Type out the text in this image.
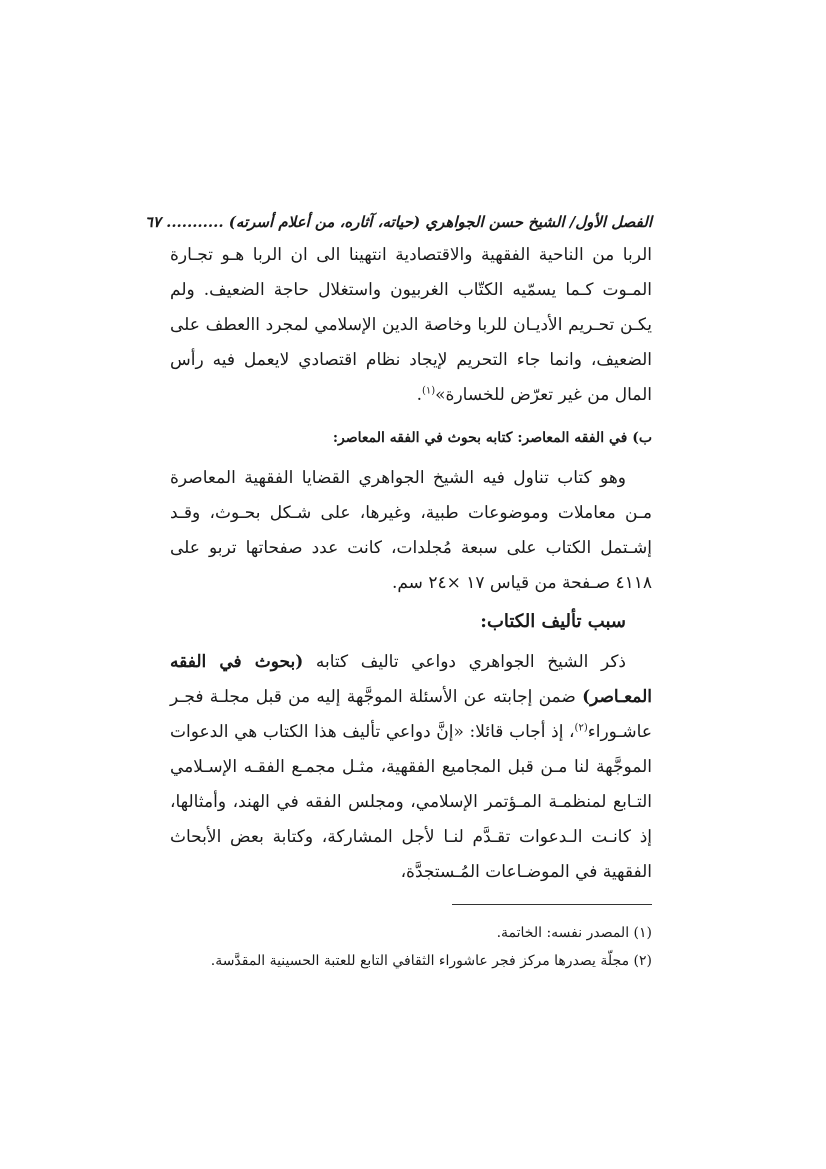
الفصل الأول/ الشيخ حسن الجواهري (حياته، آثاره، من أعلام أسرته) ........... ٦٧

الربا من الناحية الفقهية والاقتصادية انتهينا الى ان الربا هـو تجـارة المـوت كـما يسمّيه الكتّاب الغربيون واستغلال حاجة الضعيف. ولم يكـن تحـريم الأديـان للربا وخاصة الدين الإسلامي لمجرد االعطف على الضعيف، وانما جاء التحريم لإيجاد نظام اقتصادي لايعمل فيه رأس المال من غير تعرّض للخسارة»$^{(١)}$.

ب) في الفقه المعاصر: كتابه بحوث في الفقه المعاصر:

وهو كتاب تناول فيه الشيخ الجواهري القضايا الفقهية المعاصرة مـن معاملات وموضوعات طبية، وغيرها، على شـكل بحـوث، وقـد إشـتمل الكتاب على سبعة مُجلدات، كانت عدد صفحاتها تربو على ٤١١٨ صـفحة من قياس ١٧ ×٢٤ سم.

سبب تأليف الكتاب:

ذكر الشيخ الجواهري دواعي تاليف كتابه (بحوث في الفقه المعـاصر) ضمن إجابته عن الأسئلة الموجَّهة إليه من قبل مجلـة فجـر عاشـوراء$^{(٢)}$، إذ أجاب قائلا: «إنَّ دواعي تأليف هذا الكتاب هي الدعوات الموجَّهة لنا مـن قبل المجاميع الفقهية، مثـل مجمـع الفقـه الإسـلامي التـابع لمنظمـة المـؤتمر الإسلامي، ومجلس الفقه في الهند، وأمثالها، إذ كانـت الـدعوات تقـدَّم لنـا لأجل المشاركة، وكتابة بعض الأبحاث الفقهية في الموضـاعات المُـستجدَّة،

(١) المصدر نفسه: الخاتمة.

(٢) مجلّة يصدرها مركز فجر عاشوراء الثقافي التابع للعتبة الحسينية المقدَّسة.
